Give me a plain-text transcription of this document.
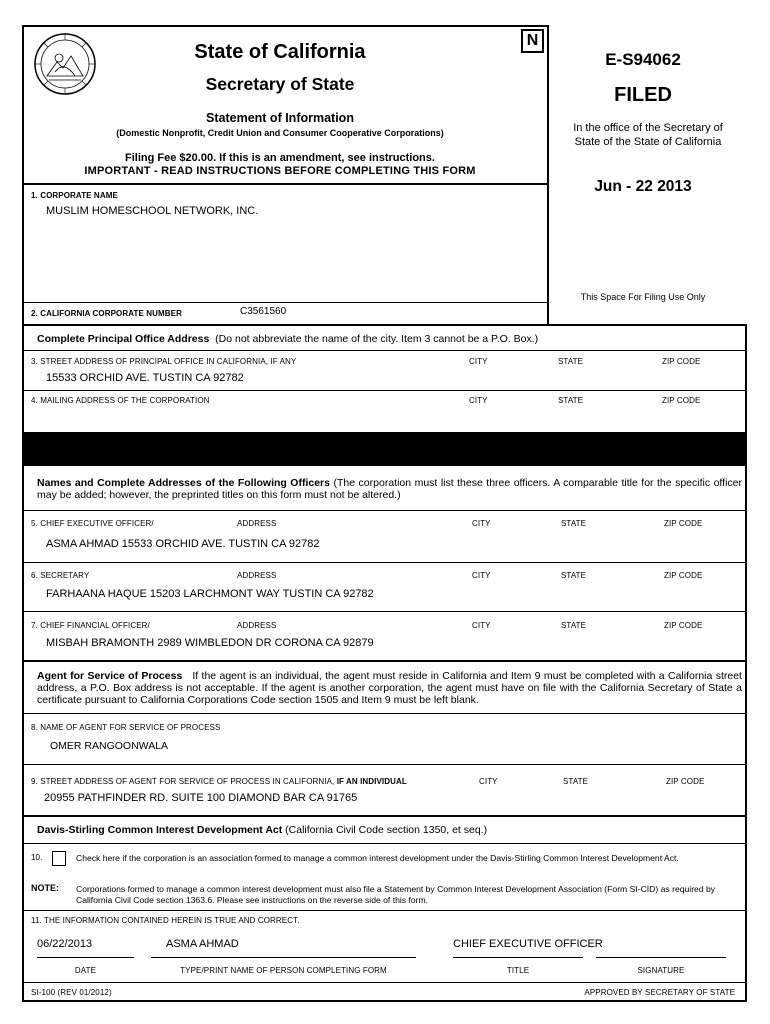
State of California
Secretary of State
N
Statement of Information
(Domestic Nonprofit, Credit Union and Consumer Cooperative Corporations)
Filing Fee $20.00. If this is an amendment, see instructions.
IMPORTANT - READ INSTRUCTIONS BEFORE COMPLETING THIS FORM
E-S94062
FILED
In the office of the Secretary of
State of the State of California
Jun - 22 2013
This Space For Filing Use Only
1. CORPORATE NAME
MUSLIM HOMESCHOOL NETWORK, INC.
2. CALIFORNIA CORPORATE NUMBER	C3561560
Complete Principal Office Address (Do not abbreviate the name of the city. Item 3 cannot be a P.O. Box.)
3. STREET ADDRESS OF PRINCIPAL OFFICE IN CALIFORNIA, IF ANY	CITY	STATE	ZIP CODE
15533 ORCHID AVE. TUSTIN CA 92782
4. MAILING ADDRESS OF THE CORPORATION	CITY	STATE	ZIP CODE
Names and Complete Addresses of the Following Officers (The corporation must list these three officers. A comparable title for the specific officer may be added; however, the preprinted titles on this form must not be altered.)
5. CHIEF EXECUTIVE OFFICER/	ADDRESS	CITY	STATE	ZIP CODE
ASMA AHMAD 15533 ORCHID AVE. TUSTIN CA 92782
6. SECRETARY	ADDRESS	CITY	STATE	ZIP CODE
FARHAANA HAQUE 15203 LARCHMONT WAY TUSTIN CA 92782
7. CHIEF FINANCIAL OFFICER/	ADDRESS	CITY	STATE	ZIP CODE
MISBAH BRAMONTH 2989 WIMBLEDON DR CORONA CA 92879
Agent for Service of Process If the agent is an individual, the agent must reside in California and Item 9 must be completed with a California street address, a P.O. Box address is not acceptable. If the agent is another corporation, the agent must have on file with the California Secretary of State a certificate pursuant to California Corporations Code section 1505 and Item 9 must be left blank.
8. NAME OF AGENT FOR SERVICE OF PROCESS
OMER RANGOONWALA
9. STREET ADDRESS OF AGENT FOR SERVICE OF PROCESS IN CALIFORNIA, IF AN INDIVIDUAL	CITY	STATE	ZIP CODE
20955 PATHFINDER RD. SUITE 100 DIAMOND BAR CA 91765
Davis-Stirling Common Interest Development Act (California Civil Code section 1350, et seq.)
10.	Check here if the corporation is an association formed to manage a common interest development under the Davis-Stirling Common Interest Development Act.
NOTE: Corporations formed to manage a common interest development must also file a Statement by Common Interest Development Association (Form SI-CID) as required by California Civil Code section 1363.6. Please see instructions on the reverse side of this form.
11. THE INFORMATION CONTAINED HEREIN IS TRUE AND CORRECT.
06/22/2013	ASMA AHMAD	CHIEF EXECUTIVE OFFICER
DATE	TYPE/PRINT NAME OF PERSON COMPLETING FORM	TITLE	SIGNATURE
SI-100 (REV 01/2012)	APPROVED BY SECRETARY OF STATE
